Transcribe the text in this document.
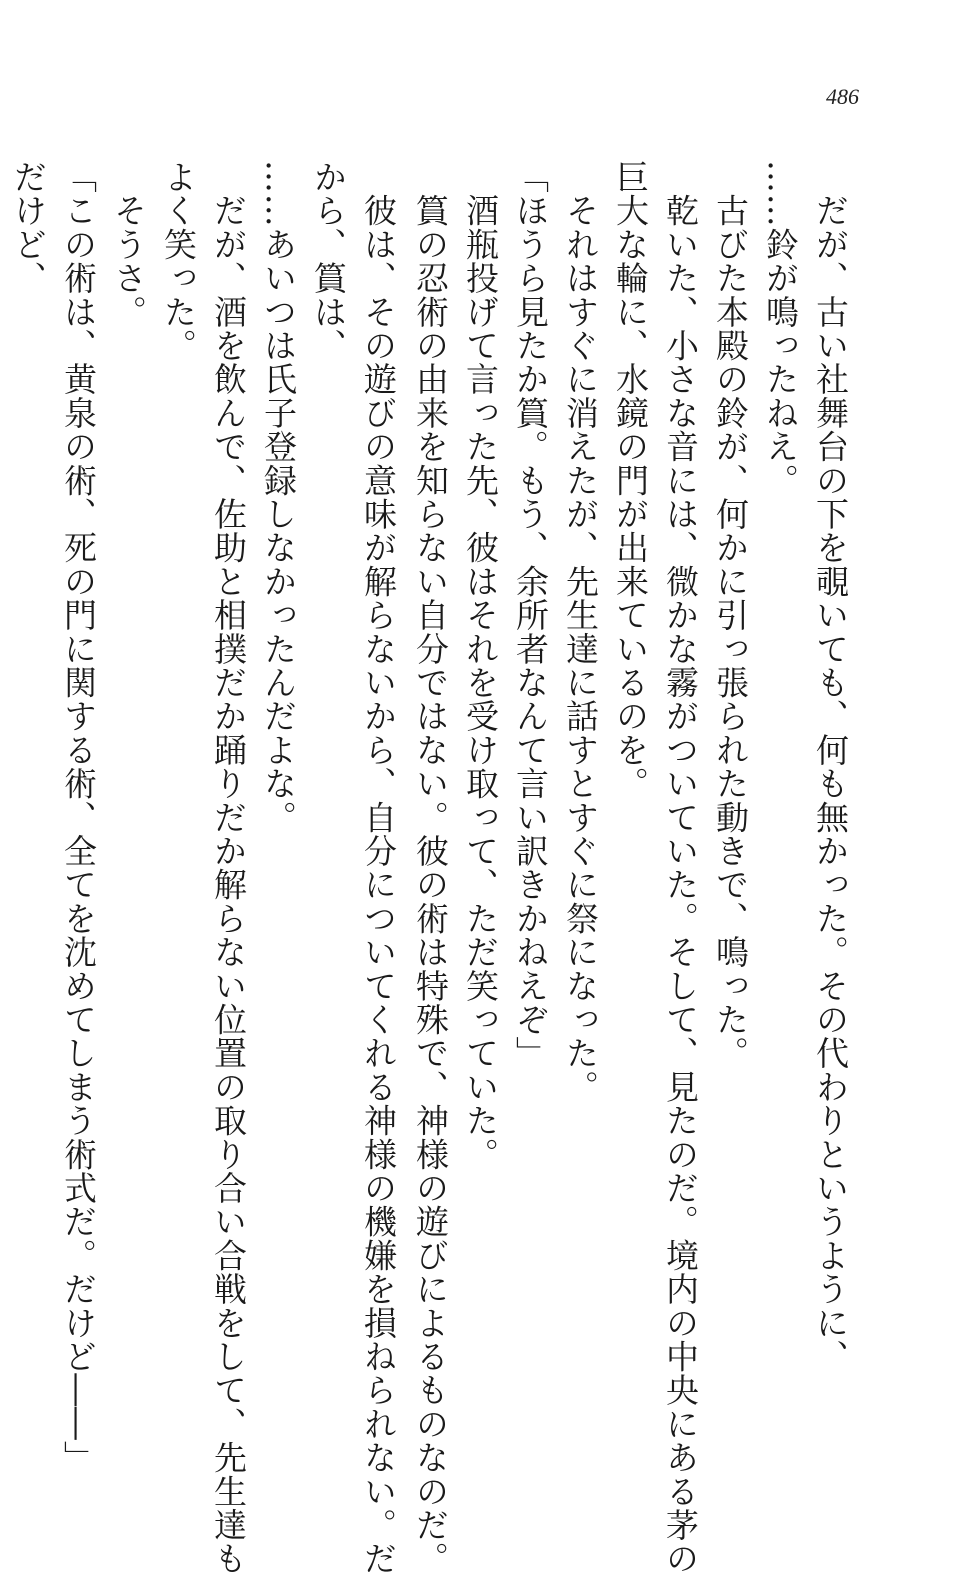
486

　だが、古い社舞台の下を覗いても、何も無かった。その代わりというように、

……鈴が鳴ったねえ。

　古びた本殿の鈴が、何かに引っ張られた動きで、鳴った。

　乾いた、小さな音には、微かな霧がついていた。そして、見たのだ。境内の中央にある茅の

巨大な輪に、水鏡の門が出来ているのを。

　それはすぐに消えたが、先生達に話すとすぐに祭になった。

「ほうら見たか篔。もう、余所者なんて言い訳きかねえぞ」

　酒瓶投げて言った先、彼はそれを受け取って、ただ笑っていた。

　篔の忍術の由来を知らない自分ではない。彼の術は特殊で、神様の遊びによるものなのだ。

　彼は、その遊びの意味が解らないから、自分についてくれる神様の機嫌を損ねられない。だ

から、篔は、

……あいつは氏子登録しなかったんだよな。

　だが、酒を飲んで、佐助と相撲だか踊りだか解らない位置の取り合い合戦をして、先生達も

よく笑った。

　そうさ。

「この術は、黄泉の術、死の門に関する術、全てを沈めてしまう術式だ。だけど――」

だけど、
